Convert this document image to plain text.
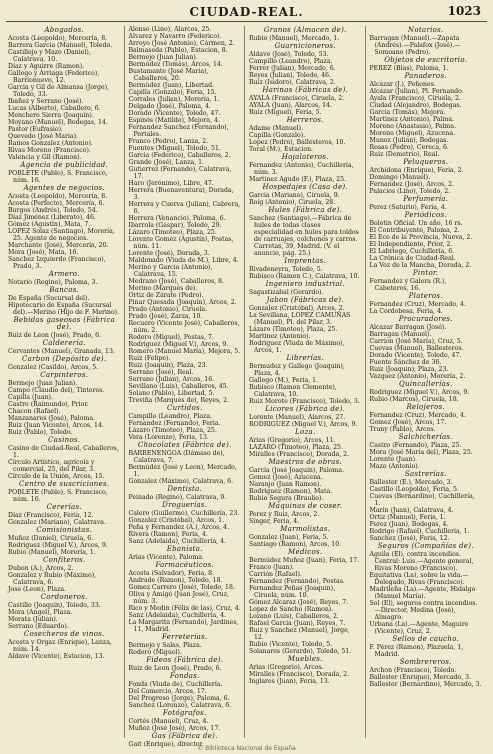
CIUDAD-REAL.	1023
Abogados.

Acosta (Leopoldo), Mercería, 8.

Barrera Garcia (Manuel), Toledo.

Castillejo y Mazo (Daniel), Calatrava, 10.

Díaz y Aguirre (Ramon).

Gallego y Arriaga (Federico), Barrionuevo, 12.

Garcia y Gil de Almansa (Jorge), Toledo, 33.

Ibañez y Serrano (José).

Lucas (Alberto), Caballero, 6.

Menchero Sierra (Joaquin).

Moyano (Manuel), Bodegas, 14.

Pastor (Eufrasio).

Quevedo (José Maria).

Ramos Gonzalez (Antonio).

Rivas Moreno (Francisco).

Valencia y Gil (Ramon).

Agencia de publicidad.

POBLETE (Pablo), S. Francisco, núm. 16.

Agentes de negocios.

Acosta (Leopoldo), Mercería, 8.

Acosta (Perfecto), Mercería, 6.

Burgos (Andrés), Toledo, 54.

Díaz Jiménez (Liberato), 46.

Gómez (Agustín), Mata, 7.

LOPEZ Solaz (Santiago), Morería, 25. Agente de negocios.

Marchante (José), Mercería, 20.

Mora (José), Mata, 16.

Sanchez Izquierdo (Francisco), Prado, 3.

Armero.

Notario (Regino), Paloma, 3.

Bancos.

De España (Sucursal del).

Hipotecario de España (Sucursal del).—Merino (Hijo de F. Merino).

Bebidas gaseosas (Fábrica de).

Ruiz de Leon (José), Prado, 6.

Calderería.

Cervantes (Manuel), Granada, 13.

Carbon (Depósito de).

Gonzalez (Casildo), Arcos, 5.

Carpinteros.

Bermejo (Juan Julian).

Campo (Claudio del), Tinteros.

Capilla (Juan).

Castro (Raimundo), Prior.

Chacon (Rafael).

Manzanares (José), Paloma.

Ruiz (Juan Vicente), Arcos, 14.

Ruiz (Pablo), Toledo.

Casinos.

Casino de Ciudad-Real, Caballeros, 1.

Círculo Artístico, agrícola y comercial, 25, del Pilar, 3.

Círculo de la Unión, Arcos, 15.

Centro de suscriciones.

POBLETE (Pablo), S. Francisco, núm. 16.

Cererías.

Díaz (Francisco), Feria, 12.

Gonzalez (Mariano), Calatrava.

Comisionistas.

Muñoz (Daniel), Ciruela, 6.

Rodriguez (Miguel V.), Arcos, 9.

Rubio (Manuel), Morería, 1.

Confiteros.

Dubon (A.), Arcos, 2.

Gonzalez y Rubio (Máximo), Calatrava, 6.

Jose (Leon), Plaza.

Cordoneros.

Castillo (Joaquin), Toledo, 33.

Mora (Angel), Plaza.

Morata (Julian).

Serrano (Eduardo).

Cosecheros de vinos.

Acosta y Orgaz (Enrique), Lanza, núm. 14.

Aldave (Vicente), Estacion, 13.

Alonso (Lino), Alarcos, 25.

Alvarez y Navarro (Federico).

Arroyo (José Antonio), Cármen, 2.

Balmaseda (Pablo), Estacion, 8.

Bermejo (Juan Julian).

Bermúdez (Tomás), Arcos, 14.

Bustamante (José Maria), Caballeros, 20.

Bermúdez (Juan), Libertad.

Capilla (Gonzalo), Feria, 15.

Corrales (Julian), Morería, 1.

Delgado (José), Paloma, 4.

Dorado (Vicente), Toledo, 47.

Espinós (Matilde), Mejora, 4.

Fernandez Sanchez (Fernando), Portales.

Franco (Pedro), Lanza, 2.

Fuentes (Miguel), Toledo, 51.

Garcia (Federico), Caballeros, 2.

Grande (José), Lanza, 1.

Gutierrez (Fernando), Calatrava, 17.

Haro (Jerónimo), Libre, 47.

Herrera (Buenaventura), Dorada, 3.

Herrera y Cuerva (Julian), Cabrera, 6.

Herrera (Venancio), Paloma, 6.

Ibarrola (Gaspar), Toledo, 29.

Lázaro (Timoteo), Plaza, 25.

Lorente Gomez (Agustín), Postas, núm. 11.

Lorente (José), Dorada, 3.

Maldonado (Viuda de M.), Libre, 4.

Merino y Garcia (Antonio), Calatrava, 15.

Medrano (José), Caballeros, 8.

Merino (Marqués de).

Ortiz de Zárate (Pedro).

Pinar Quesada (Joaquin), Arcos, 2.

Prado (Antonio), Ciruela.

Prado (José), Zarza, 10.

Recuero (Vicente José), Caballeros, núm. 2.

Rodero (Miguel), Postas, 7.

Rodriguez (Miguel V.), Arcos, 9.

Romero (Manuel María), Mejora, 5.

Ruiz (Felipe).

Ruiz (Joaquin), Plaza, 23.

Serrano (José), Real.

Serrano (Julian), Arcos, 16.

Sevillano (Luis), Caballeros, 45.

Solano (Pablo), Libertad, 5.

Treviña (Marqués de), Reyes, 2.

Curtidos.

Campillo (Leandro), Plaza.

Fernandez (Fernando), Feria.

Lázaro (Timoteo), Plaza, 25.

Vera (Lorenzo), Feria, 13.

Chocolates (Fábrica de).

BARRENENGOA (Dámaso de), Calatrava, 7.

Bermúdez (José y Leon), Mercado, 1.

Gonzalez (Máximo), Calatrava, 6.

Dentista.

Peinado (Regino), Calatrava, 9.

Droguerías.

Calero (Guillermo), Cuchillería, 23.

Gonzalez (Cristóbal), Arcos, 1.

Peña y Fernandez (A.), Arcos, 4.

Rivera (Ramon), Feria, 4.

Sanz (Adelaida), Cuchillería, 4.

Ebanista.

Arias (Vicente), Paloma.

Farmacéuticos.

Acosta (Salvador), Feria, 8.

Andrade (Ramon), Toledo, 18.

Gomez Carrero (José), Toledo, 18.

Oliva y Amigó (Juan José), Cruz, núm. 3.

Rico y Medin (Félix de las), Cruz, 4.

Sanz (Adelaida), Cuchillería, 4.

La Margarita (Fernando), Jardines, 11, Madrid.

Ferreterías.

Bermejo y Salas, Plaza.

Rodero (Miguel).

Fideos (Fábrica de).

Ruiz de Leon (José), Prado, 6.

Fondas.

Fonda (Viuda de), Cuchillería.

Del Comercio, Arcos, 17.

Del Progreso (Jorge), Paloma, 6.

Sanchez (Lorenzo), Calatrava, 6.

Fotógrafos.

Cortés (Manuel), Cruz, 4.

Muñoz (José José), Arcos, 17.

Gas (Fábrica de).

Gait (Enrique), director.

Granos (Almacen de).

Rubio (Manuel), Mercado, 1.

Guarnicioneros.

Aldave (José), Toledo, 53.

Campillo (Leandro), Plaza.

Ferrer (Julian), Mercado, 6.

Reyes (Julian), Toledo, 46.

Ruiz (Isidoro), Calatrava, 2.

Harinas (Fábricas de).

AYALA (Francisco), Ciruela, 2.

AYALA (Juan), Alarcos, 14.

Ruiz (Miguel), Feria, 5.

Herreros.

Adame (Manuel).

Capilla (Gonzalo).

Lopez (Pedro), Ballesteros, 10.

Toral (M.), Estacion.

Hojalateros.

Fernandez (Antonio), Cuchillería, núm. 3.

Martinez Agudo (F.), Plaza, 25.

Hospedajes (Casa de).

Garcia (Mariano), Ciruela, 9.

Roig (Antonio), Ciruela, 28.

Hules (Fábrica de).

Sanchez (Santiago).—Fábrica de hules de todas clases especialidad en hules para toldos de carruajes, colchones y carros. Carretas, 39, Madrid. (V. el anuncio, pág. 25.)

Imprentas.

Rivadeneyra, Toledo, 5.

Rubisco (Ramon C.), Calatrava, 10.

Ingeniero industrial.

Sagastizabal (Gerardo).

Jabon (Fábricas de).

Gonzalez (Cristóbal), Arcos, 2.

La Sevillana, LOPEZ CAMUÑAS (Manuel), Pl. del Pilar, 3.

Lázaro (Timoteo), Plaza, 25.

Martinez (Antonio).

Rodriguez (Viuda de Máximo), Arcos, 1.

Librerías.

Bermudez y Gallego (Joaquin), Plaza, 4.

Gallego (M.), Feria, 1.

Rubisco (Ramon Clemente), Calatrava, 10.

Ruiz Morote (Francisco), Toledo, 3.

Licores (Fábrica de).

Lorente (Manuel), Alarcos, 27.

RODRIGUEZ (Miguel V.), Arcos, 9.

Loza.

Arias (Gregorio), Arcos, 11.

LAZARO (Timoteo), Plaza, 25.

Miralles (Francisco), Dorada, 2.

Maestros de obras.

García (José Joaquin), Paloma.

Gomez (José), Azucena.

Naranjo (Juan Ramon).

Rodriguez (Ramon), Mata.

Rubio Segura (Braulio).

Máquinas de coser.

Perez y Ruiz, Arcos, 2.

Singer, Feria, 4.

Marmolistas.

Gonzalez (Juan), Feria, 5.

Santiago (Ramon), Arcos, 10.

Médicos.

Bermúdez Muñoz (Juan), Feria, 17.

Franco (Juan).

Carrión (Rafael).

Fernandez (Fernando), Postas.

Fernandez Peñas (Joaquin), Ciruela, núm. 10.

Gómez Alcaraz (José), Reyes, 7.

Lopez de Sancho (Ramon).

Lozano (Luis), Caballeros, 2.

Rafael Garcia (Juan), Reyes, 7.

Ruiz y Sanchez (Manuel), Jorge, 12.

Rubio (Vicente), Toledo, 5.

Solanares (Gerardo), Toledo, 51.

Muebles.

Arias (Gregorio), Arcos.

Miralles (Francisco), Dorada, 2.

Inglares (Juan), Feria, 13.

Notarios.

Barragan (Manuel).—Zapata (Andrés).—Palafox (José).—Somoano (Pedro).

Objetos de escritorio.

PEREZ (Blas), Paloma, 1.

Panaderos.

Alcázar (J.), Peñones.

Alcázar (Julian), Pl. Fernando.

Ayala (Francisco), Ciruela, 2.

Ciudad (Alejandro), Bodegas.

Garcia (Tomás), Mejora.

Martinez (Antonio), Palma.

Moreno (Anastasio), Palma.

Moreno (Miguel), Azucena.

Munoz (Julian), Bodegas.

Rosas (Pedro), Cereca, 6.

Ruiz (Demetrio), Real.

Peluqueros.

Archidona (Enrique), Feria, 2.

Domingo (Manuel).

Fernandez (José), Arcos, 2.

Palacios (Lino), Toledo, 2.

Perfumería.

Perez (Saturio), Feria, 4.

Periódicos.

Boletin Oficial. Un año, 16 rs.

El Contribuyente, Paloma, 2.

El Eco de la Provincia, Nueva, 2.

El Independiente, Prior, 2.

El Labriego, Cuchillería, 6.

La Crónica de Ciudad-Real.

La Voz de la Mancha, Dorada, 2.

Pintor.

Fernandez y Galera (R.), Cabeteros, 16.

Plateros.

Fernandez (Cruz), Mercado, 4.

La Cordobesa, Feria, 4.

Procuradores.

Alcazar Barragan (José).

Barragan (Manuel).

Carrion (José María), Cruz, 5.

Cuevas (Manuel), Ballesteros.

Dorado (Vicente), Toledo, 47.

Fuente Sánchez de 36.

Ruiz (Joaquin), Plaza, 23.

Vazquez (Antonio), Morería, 2.

Quincallerías.

Rodriguez (Miguel V.), Arcos, 9.

Rubio (Marcos), Ciruela, 18.

Relojeros.

Fernandez (Cruz), Mercado, 4.

Gomez (José), Arcos, 17.

Trany (Pablo), Arcos.

Salchicherías.

Castro (Fernando), Plaza, 25.

Mora (José María del), Plaza, 25.

Lorente (Juan).

Mazo (Antonio).

Sastrerías.

Ballester (E.), Mercado, 3.

Castillo (Leopoldo), Feria, 5.

Cuevas (Bernardino), Cuchillería, 1.

Marin (Juan), Calatrava, 4.

Ortiz (Manuel), Feria, 1.

Perez (Juan), Bodegas, 4.

Rodrigo (Rafael), Cuchillería, 1.

Sanchez (José), Feria, 12.

Seguros (Compañías de).

Aguila (El), contra incendios. Central: Luis.—Agente general, Rivas Moreno (Francisco).

Equitativa (La), sobre la vida.—Delegado, Rivas (Francisco).

Madrileña (La).—Agente, Hidalgo (Manuel María).

Sol (El), seguros contra incendios.—Director, Medina (José), Almagro.

Urbana (La).—Agente, Maguire (Vicente), Cruz, 2.

Sellos de caucho.

F. Pérez (Ramon), Plazuela, 1, Madrid.

Sombrereros.

Archon (Francisco), Toledo.

Ballester (Enrique), Mercado, 3.

Ballester (Bernardino), Mercado, 3.

© Biblioteca Nacional de España
